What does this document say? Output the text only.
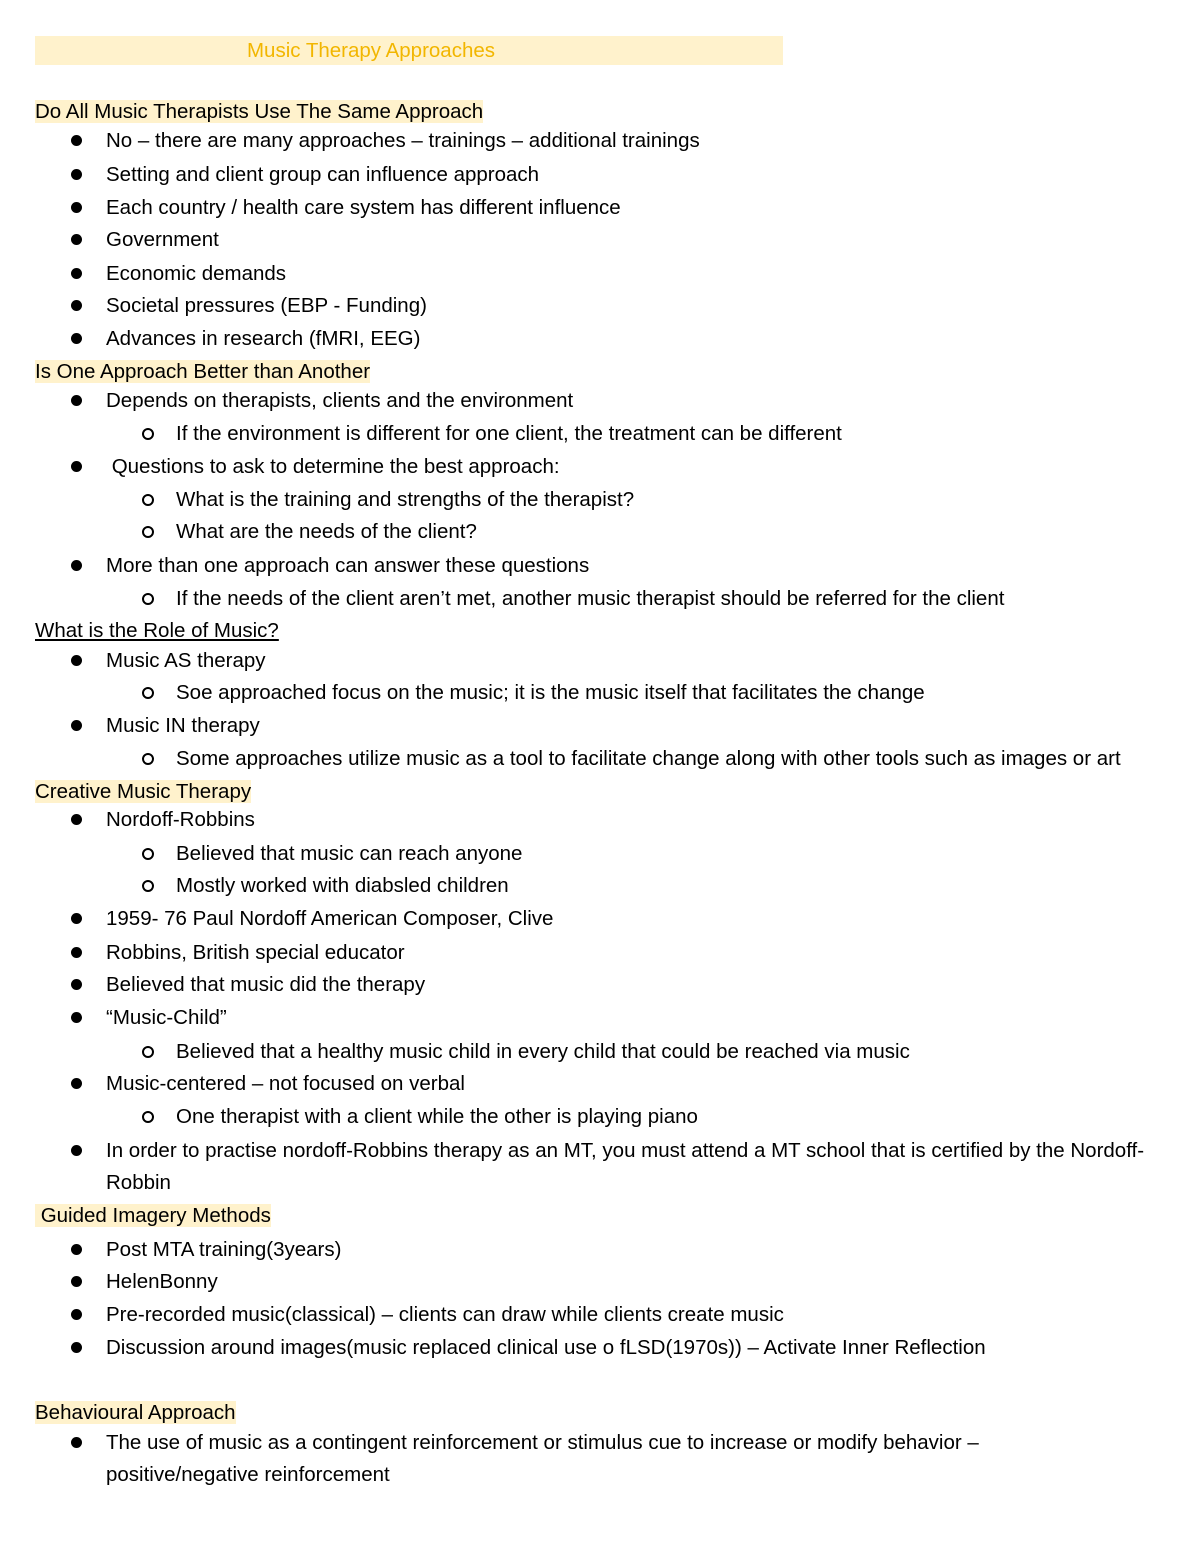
Music Therapy Approaches
Do All Music Therapists Use The Same Approach
No – there are many approaches – trainings – additional trainings
Setting and client group can influence approach
Each country / health care system has different influence
Government
Economic demands
Societal pressures (EBP - Funding)
Advances in research (fMRI, EEG)
Is One Approach Better than Another
Depends on therapists, clients and the environment
If the environment is different for one client, the treatment can be different
Questions to ask to determine the best approach:
What is the training and strengths of the therapist?
What are the needs of the client?
More than one approach can answer these questions
If the needs of the client aren’t met, another music therapist should be referred for the client
What is the Role of Music?
Music AS therapy
Soe approached focus on the music; it is the music itself that facilitates the change
Music IN therapy
Some approaches utilize music as a tool to facilitate change along with other tools such as images or art
Creative Music Therapy
Nordoff-Robbins
Believed that music can reach anyone
Mostly worked with diabsled children
1959- 76 Paul Nordoff American Composer, Clive
Robbins, British special educator
Believed that music did the therapy
“Music-Child”
Believed that a healthy music child in every child that could be reached via music
Music-centered – not focused on verbal
One therapist with a client while the other is playing piano
In order to practise nordoff-Robbins therapy as an MT, you must attend a MT school that is certified by the Nordoff-Robbin
Guided Imagery Methods
Post MTA training(3years)
HelenBonny
Pre-recorded music(classical) – clients can draw while clients create music
Discussion around images(music replaced clinical use o fLSD(1970s)) – Activate Inner Reflection
Behavioural Approach
The use of music as a contingent reinforcement or stimulus cue to increase or modify behavior – positive/negative reinforcement
